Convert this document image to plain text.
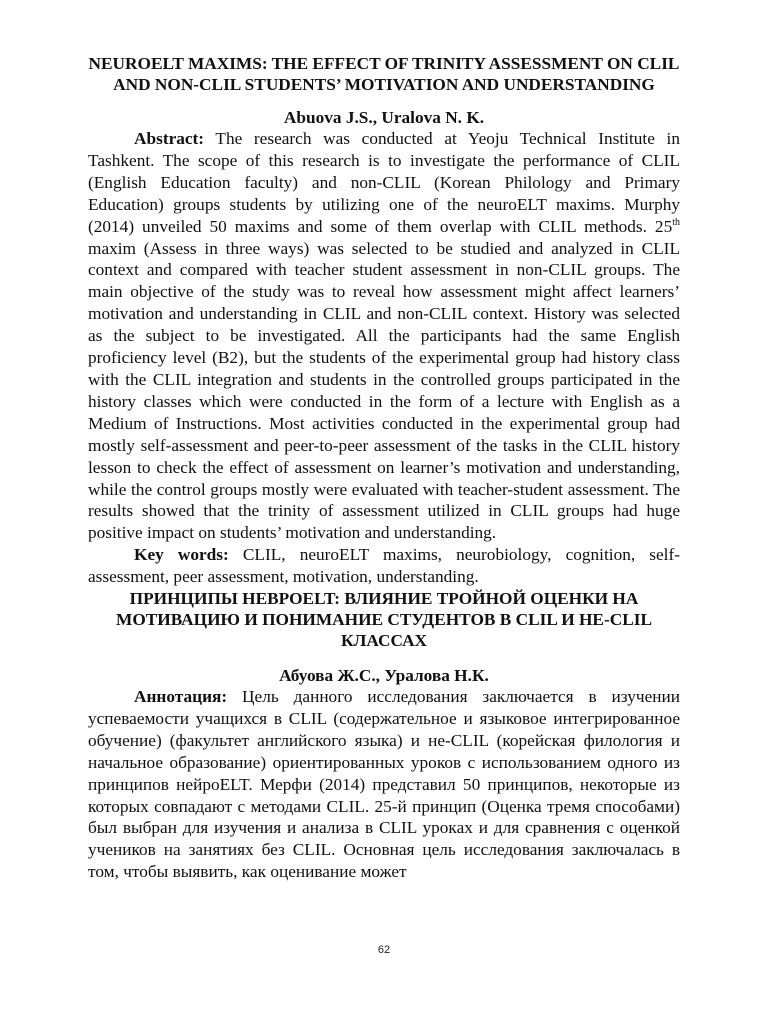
NEUROELT MAXIMS: THE EFFECT OF TRINITY ASSESSMENT ON CLIL AND NON-CLIL STUDENTS’ MOTIVATION AND UNDERSTANDING
Abuova J.S., Uralova N. K.

Abstract: The research was conducted at Yeoju Technical Institute in Tashkent. The scope of this research is to investigate the performance of CLIL (English Education faculty) and non-CLIL (Korean Philology and Primary Education) groups students by utilizing one of the neuroELT maxims. Murphy (2014) unveiled 50 maxims and some of them overlap with CLIL methods. 25th maxim (Assess in three ways) was selected to be studied and analyzed in CLIL context and compared with teacher student assessment in non-CLIL groups. The main objective of the study was to reveal how assessment might affect learners’ motivation and understanding in CLIL and non-CLIL context. History was selected as the subject to be investigated. All the participants had the same English proficiency level (B2), but the students of the experimental group had history class with the CLIL integration and students in the controlled groups participated in the history classes which were conducted in the form of a lecture with English as a Medium of Instructions. Most activities conducted in the experimental group had mostly self-assessment and peer-to-peer assessment of the tasks in the CLIL history lesson to check the effect of assessment on learner’s motivation and understanding, while the control groups mostly were evaluated with teacher-student assessment. The results showed that the trinity of assessment utilized in CLIL groups had huge positive impact on students’ motivation and understanding.

Key words: CLIL, neuroELT maxims, neurobiology, cognition, self-assessment, peer assessment, motivation, understanding.

ПРИНЦИПЫ НЕВРОELT: ВЛИЯНИЕ ТРОЙНОЙ ОЦЕНКИ НА МОТИВАЦИЮ И ПОНИМАНИЕ СТУДЕНТОВ В CLIL И НЕ-CLIL КЛАССАХ
Абуова Ж.С., Уралова Н.К.

Аннотация: Цель данного исследования заключается в изучении успеваемости учащихся в CLIL (содержательное и языковое интегрированное обучение) (факультет английского языка) и не-CLIL (корейская филология и начальное образование) ориентированных уроков с использованием одного из принципов нейроELT. Мерфи (2014) представил 50 принципов, некоторые из которых совпадают с методами CLIL. 25-й принцип (Оценка тремя способами) был выбран для изучения и анализа в CLIL уроках и для сравнения с оценкой учеников на занятиях без CLIL. Основная цель исследования заключалась в том, чтобы выявить, как оценивание может

62
